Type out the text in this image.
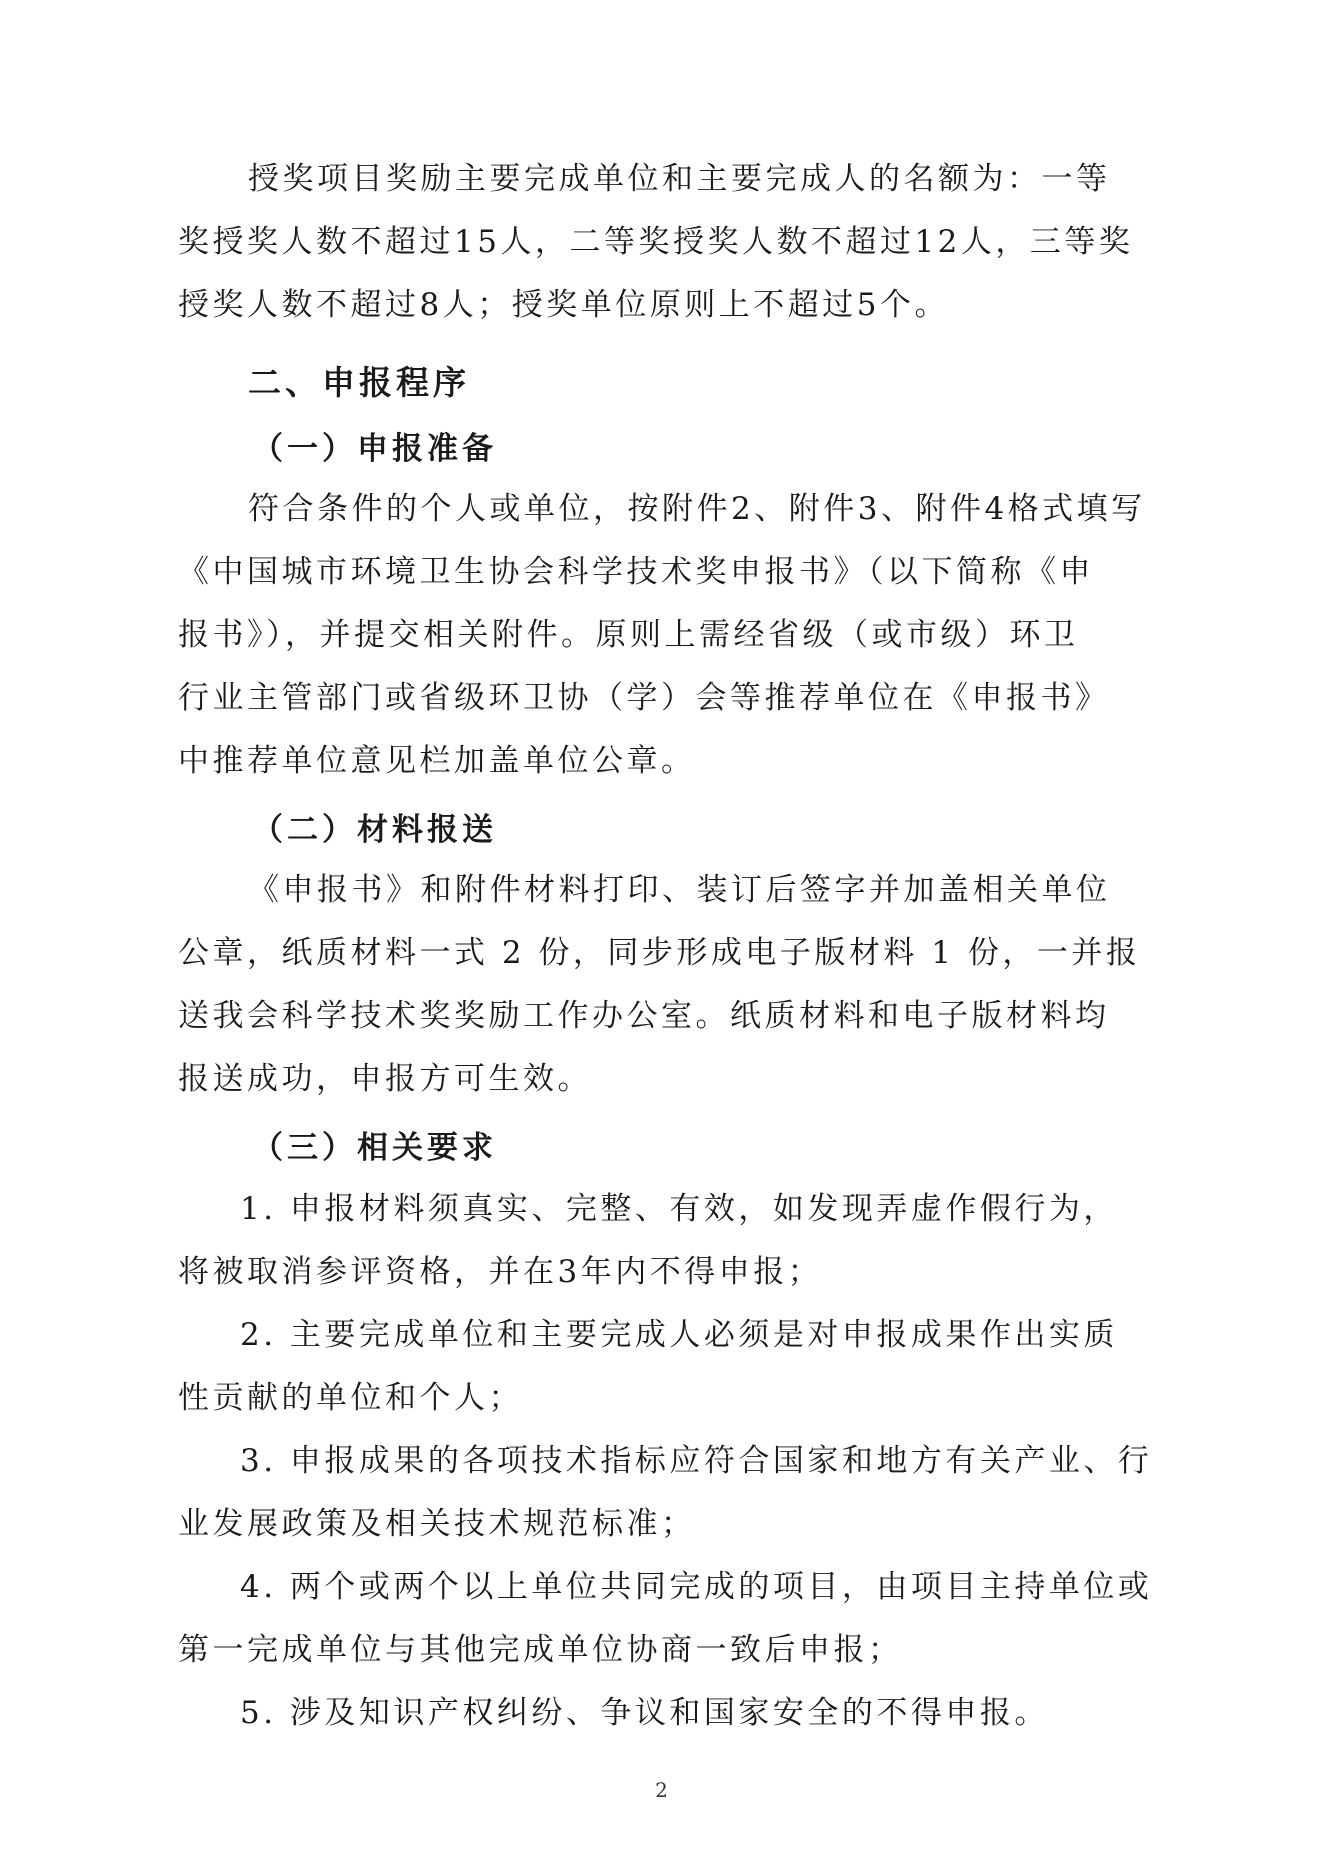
授奖项目奖励主要完成单位和主要完成人的名额为：一等
奖授奖人数不超过15人，二等奖授奖人数不超过12人，三等奖
授奖人数不超过8人；授奖单位原则上不超过5个。

二、申报程序
（一）申报准备

符合条件的个人或单位，按附件2、附件3、附件4格式填写
《中国城市环境卫生协会科学技术奖申报书》（以下简称《申
报书》），并提交相关附件。原则上需经省级（或市级）环卫
行业主管部门或省级环卫协（学）会等推荐单位在《申报书》
中推荐单位意见栏加盖单位公章。

（二）材料报送

《申报书》和附件材料打印、装订后签字并加盖相关单位
公章，纸质材料一式 2 份，同步形成电子版材料 1 份，一并报
送我会科学技术奖奖励工作办公室。纸质材料和电子版材料均
报送成功，申报方可生效。

（三）相关要求
1. 申报材料须真实、完整、有效，如发现弄虚作假行为，
将被取消参评资格，并在3年内不得申报；
2. 主要完成单位和主要完成人必须是对申报成果作出实质
性贡献的单位和个人；
3. 申报成果的各项技术指标应符合国家和地方有关产业、行
业发展政策及相关技术规范标准；
4. 两个或两个以上单位共同完成的项目，由项目主持单位或
第一完成单位与其他完成单位协商一致后申报；
5. 涉及知识产权纠纷、争议和国家安全的不得申报。
2
